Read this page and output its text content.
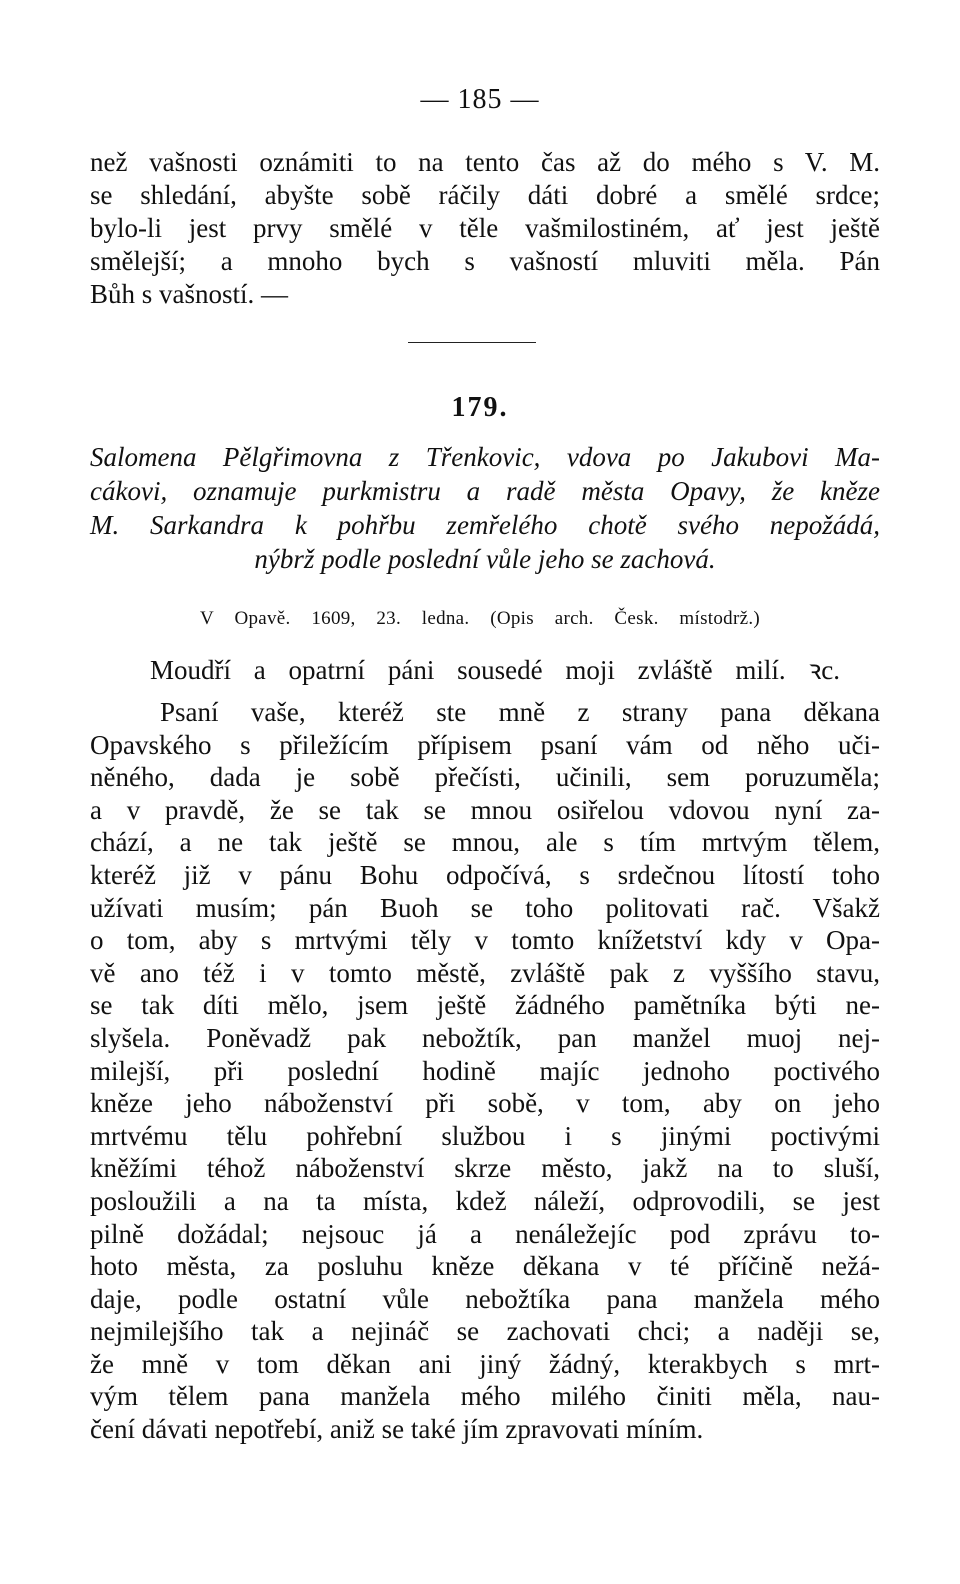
— 185 —
než vašnosti oznámiti to na tento čas až do mého s V. M.
se shledání, abyšte sobě ráčily dáti dobré a smělé srdce;
bylo-li jest prvy smělé v těle vašmilostiném, ať jest ještě
smělejší; a mnoho bych s vašností mluviti měla. Pán
Bůh s vašností. —
179.
Salomena Pělgřimovna z Třenkovic, vdova po Jakubovi Ma-
cákovi, oznamuje purkmistru a radě města Opavy, že kněze
M. Sarkandra k pohřbu zemřelého chotě svého nepožádá,
nýbrž podle poslední vůle jeho se zachová.
V Opavě. 1609, 23. ledna. (Opis arch. Česk. místodrž.)
Moudří a opatrní páni sousedé moji zvláště milí. ꝛc.
Psaní vaše, kteréž ste mně z strany pana děkana
Opavského s přiležícím přípisem psaní vám od něho uči-
něného, dada je sobě přečísti, učinili, sem poruzuměla;
a v pravdě, že se tak se mnou osiřelou vdovou nyní za-
chází, a ne tak ještě se mnou, ale s tím mrtvým tělem,
kteréž již v pánu Bohu odpočívá, s srdečnou lítostí toho
užívati musím; pán Buoh se toho politovati rač. Všakž
o tom, aby s mrtvými těly v tomto knížetství kdy v Opa-
vě ano též i v tomto městě, zvláště pak z vyššího stavu,
se tak díti mělo, jsem ještě žádného pamětníka býti ne-
slyšela. Poněvadž pak nebožtík, pan manžel muoj nej-
milejší, při poslední hodině majíc jednoho poctivého
kněze jeho náboženství při sobě, v tom, aby on jeho
mrtvému tělu pohřební službou i s jinými poctivými
kněžími téhož náboženství skrze město, jakž na to sluší,
posloužili a na ta místa, kdež náleží, odprovodili, se jest
pilně dožádal; nejsouc já a nenáležejíc pod zprávu to-
hoto města, za posluhu kněze děkana v té příčině nežá-
daje, podle ostatní vůle nebožtíka pana manžela mého
nejmilejšího tak a nejináč se zachovati chci; a naději se,
že mně v tom děkan ani jiný žádný, kterakbych s mrt-
vým tělem pana manžela mého milého činiti měla, nau-
čení dávati nepotřebí, aniž se také jím zpravovati míním.
